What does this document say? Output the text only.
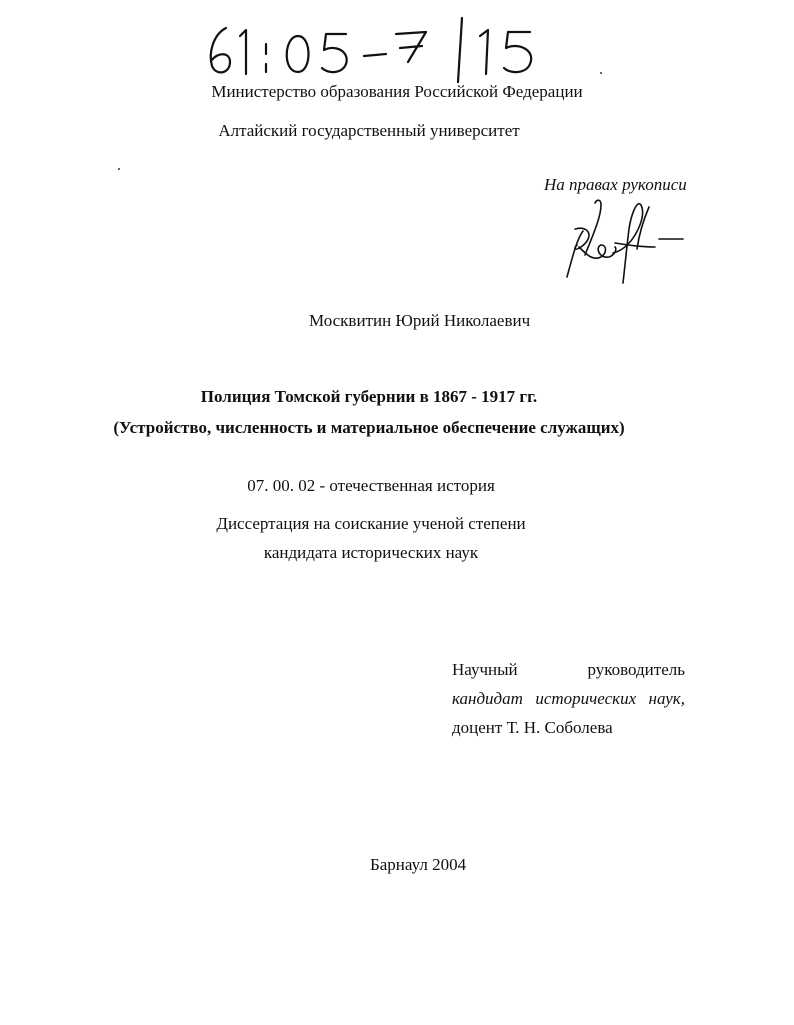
Министерство образования Российской Федерации
Алтайский государственный университет
На правах рукописи
Москвитин Юрий Николаевич
Полиция Томской губернии в 1867 - 1917 гг.
(Устройство, численность и материальное обеспечение служащих)
07. 00. 02 - отечественная история
Диссертация на соискание ученой степени
кандидата исторических наук
Научный	руководитель
кандидат исторических наук,
доцент Т. Н. Соболева
Барнаул 2004
